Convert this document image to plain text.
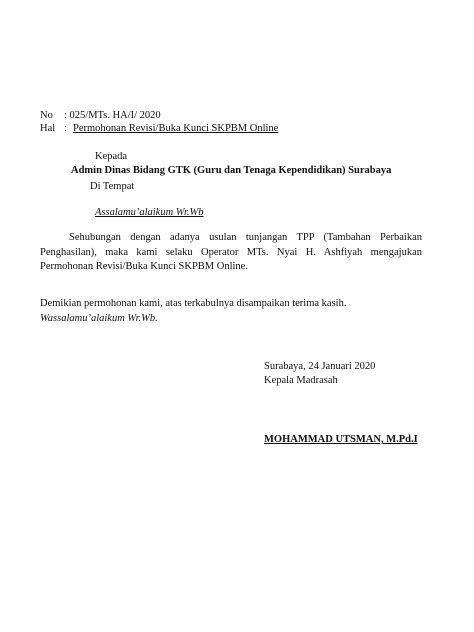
No : 025/MTs. HA/I/ 2020
Hal : Permohonan Revisi/Buka Kunci SKPBM Online
Kepada
Admin Dinas Bidang GTK (Guru dan Tenaga Kependidikan) Surabaya
Di Tempat
Assalamu’alaikum Wr.Wb
Sehubungan dengan adanya usulan tunjangan TPP (Tambahan Perbaikan Penghasilan), maka kami selaku Operator MTs. Nyai H. Ashfiyah mengajukan Permohonan Revisi/Buka Kunci SKPBM Online.
Demikian permohonan kami, atas terkabulnya disampaikan terima kasih.
Wassalamu’alaikum Wr.Wb.
Surabaya, 24 Januari 2020
Kepala Madrasah
MOHAMMAD UTSMAN, M.Pd.I
